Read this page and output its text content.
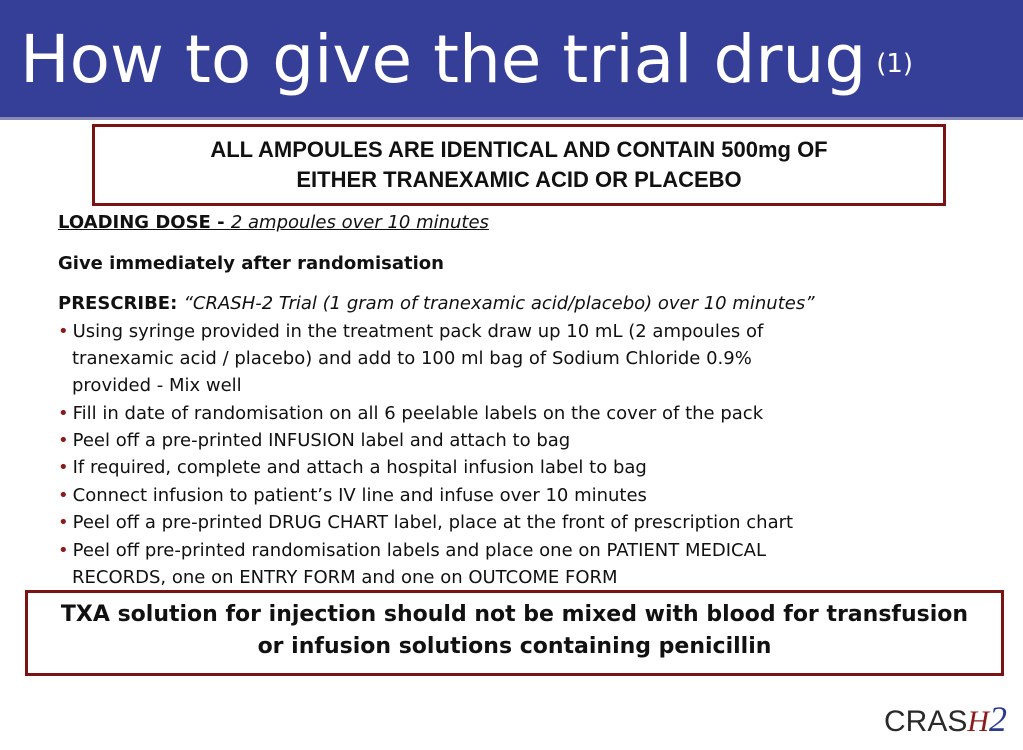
How to give the trial drug (1)
ALL AMPOULES ARE IDENTICAL AND CONTAIN 500mg OF
EITHER TRANEXAMIC ACID OR PLACEBO
LOADING DOSE - 2 ampoules over 10 minutes
Give immediately after randomisation
PRESCRIBE: “CRASH-2 Trial (1 gram of tranexamic acid/placebo) over 10 minutes”
• Using syringe provided in the treatment pack draw up 10 mL (2 ampoules of
tranexamic acid / placebo) and add to 100 ml bag of Sodium Chloride 0.9%
provided - Mix well
• Fill in date of randomisation on all 6 peelable labels on the cover of the pack
• Peel off a pre-printed INFUSION label and attach to bag
• If required, complete and attach a hospital infusion label to bag
• Connect infusion to patient’s IV line and infuse over 10 minutes
• Peel off a pre-printed DRUG CHART label, place at the front of prescription chart
• Peel off pre-printed randomisation labels and place one on PATIENT MEDICAL
RECORDS, one on ENTRY FORM and one on OUTCOME FORM
TXA solution for injection should not be mixed with blood for transfusion
or infusion solutions containing penicillin
CRASH2
